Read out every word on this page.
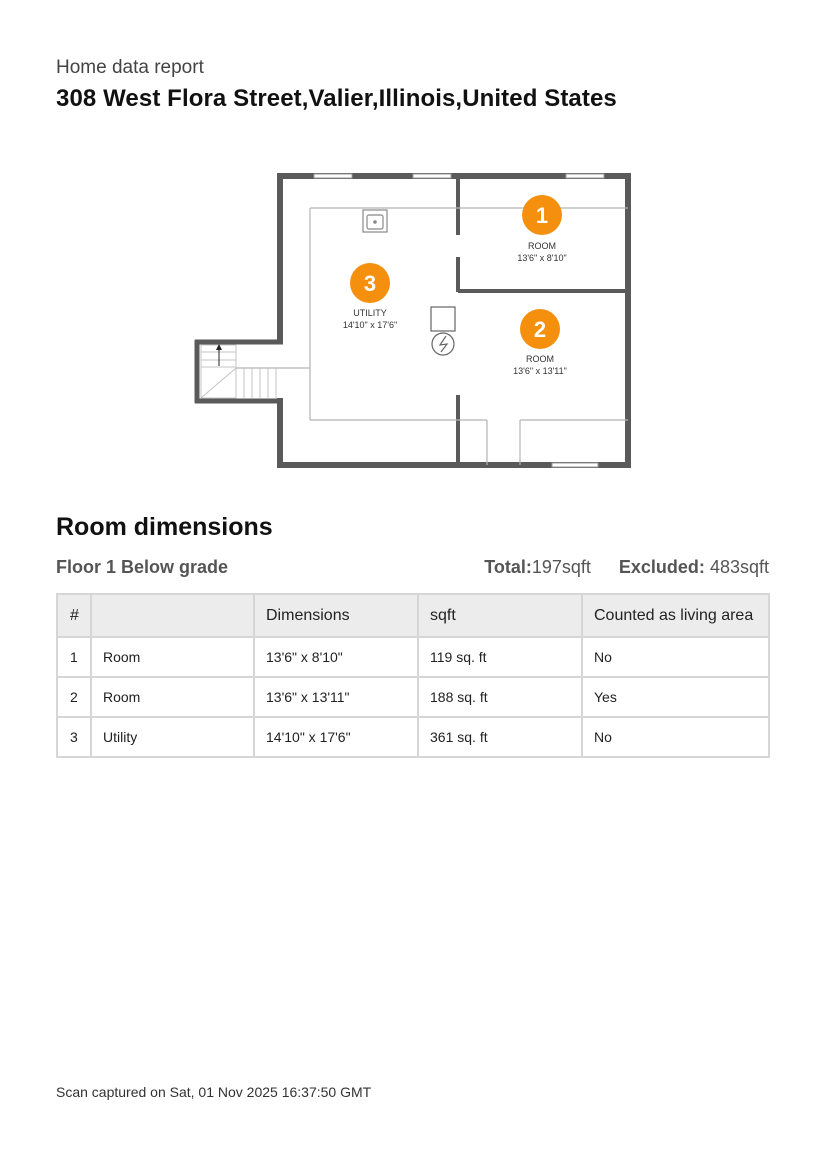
Home data report
308 West Flora Street,Valier,Illinois,United States
1
ROOM
13'6" x 8'10"
2
ROOM
13'6" x 13'11"
3
UTILITY
14'10" x 17'6"
Room dimensions
Floor 1 Below grade	Total:197sqft Excluded: 483sqft
#		Dimensions	sqft	Counted as living area
1	Room	13'6" x 8'10"	119 sq. ft	No
2	Room	13'6" x 13'11"	188 sq. ft	Yes
3	Utility	14'10" x 17'6"	361 sq. ft	No
Scan captured on Sat, 01 Nov 2025 16:37:50 GMT
